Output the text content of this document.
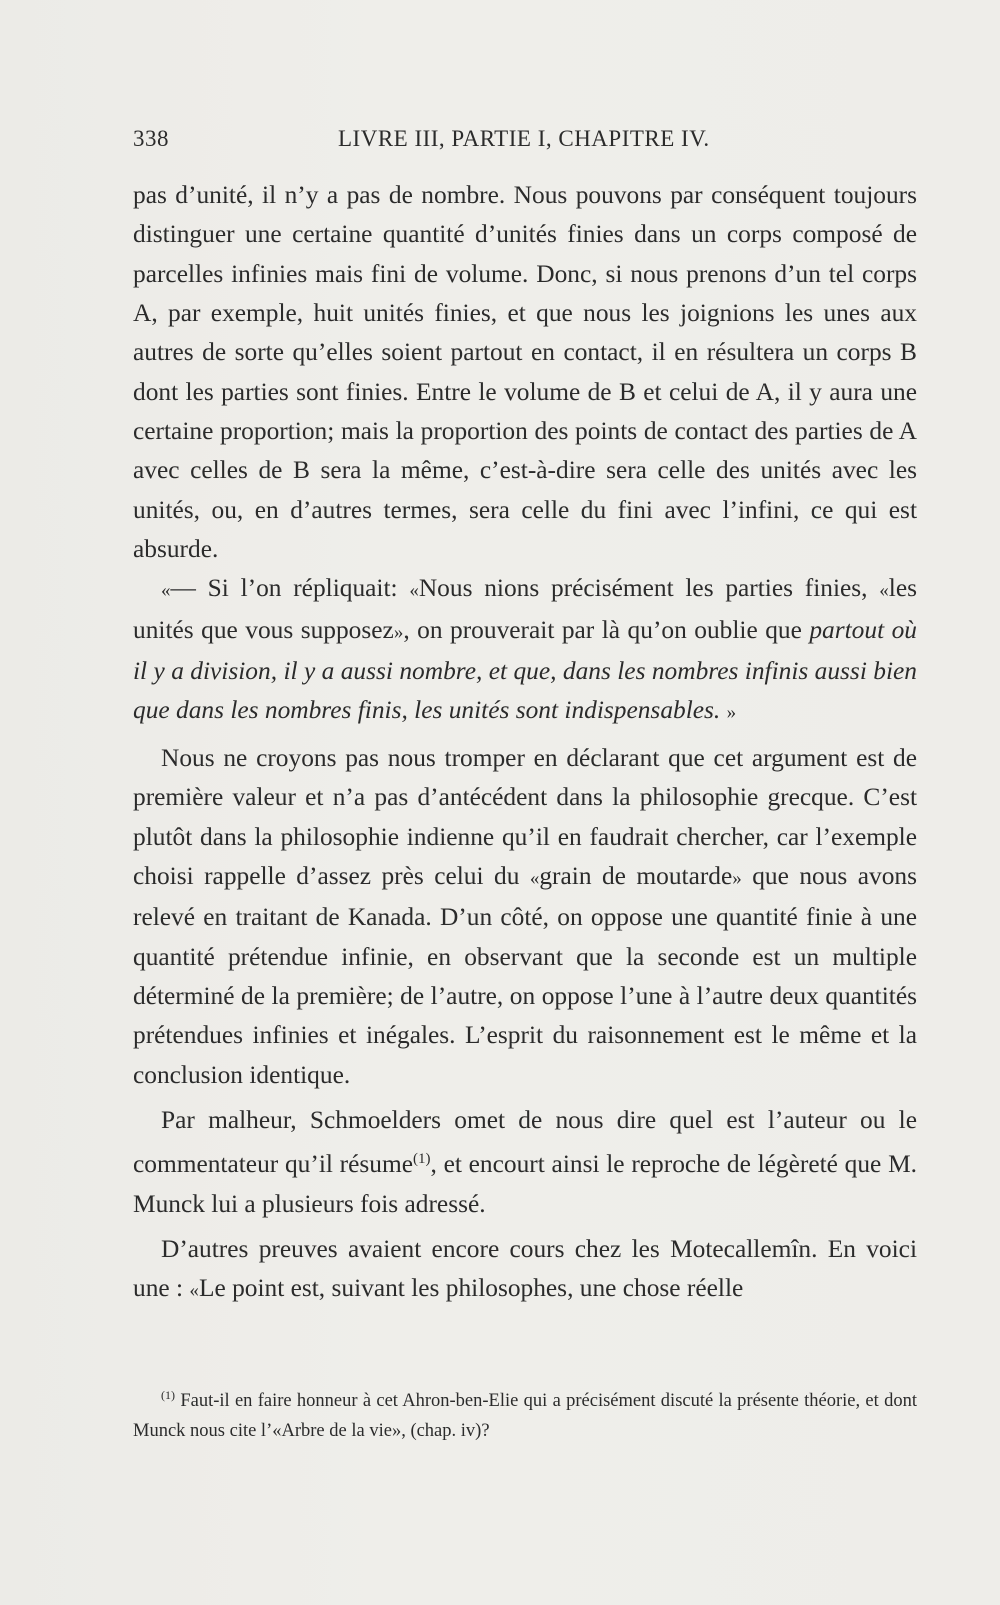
338	LIVRE III, PARTIE I, CHAPITRE IV.

pas d’unité, il n’y a pas de nombre. Nous pouvons par conséquent toujours distinguer une certaine quantité d’unités finies dans un corps composé de parcelles infinies mais fini de volume. Donc, si nous prenons d’un tel corps A, par exemple, huit unités finies, et que nous les joignions les unes aux autres de sorte qu’elles soient partout en contact, il en résultera un corps B dont les parties sont finies. Entre le volume de B et celui de A, il y aura une certaine proportion; mais la proportion des points de contact des parties de A avec celles de B sera la même, c’est-à-dire sera celle des unités avec les unités, ou, en d’autres termes, sera celle du fini avec l’infini, ce qui est absurde.

«— Si l’on répliquait: «Nous nions précisément les parties finies, «les unités que vous supposez», on prouverait par là qu’on oublie que partout où il y a division, il y a aussi nombre, et que, dans les nombres infinis aussi bien que dans les nombres finis, les unités sont indispensables. »
Nous ne croyons pas nous tromper en déclarant que cet argument est de première valeur et n’a pas d’antécédent dans la philosophie grecque. C’est plutôt dans la philosophie indienne qu’il en faudrait chercher, car l’exemple choisi rappelle d’assez près celui du «grain de moutarde» que nous avons relevé en traitant de Kanada. D’un côté, on oppose une quantité finie à une quantité prétendue infinie, en observant que la seconde est un multiple déterminé de la première; de l’autre, on oppose l’une à l’autre deux quantités prétendues infinies et inégales. L’esprit du raisonnement est le même et la conclusion identique.
Par malheur, Schmoelders omet de nous dire quel est l’auteur ou le commentateur qu’il résume$^{(1)}$, et encourt ainsi le reproche de légèreté que M. Munck lui a plusieurs fois adressé.
D’autres preuves avaient encore cours chez les Motecallemîn. En voici une : «Le point est, suivant les philosophes, une chose réelle
$^{(1)}$ Faut-il en faire honneur à cet Ahron-ben-Elie qui a précisément discuté la présente théorie, et dont Munck nous cite l’«Arbre de la vie», (chap. iv)?
